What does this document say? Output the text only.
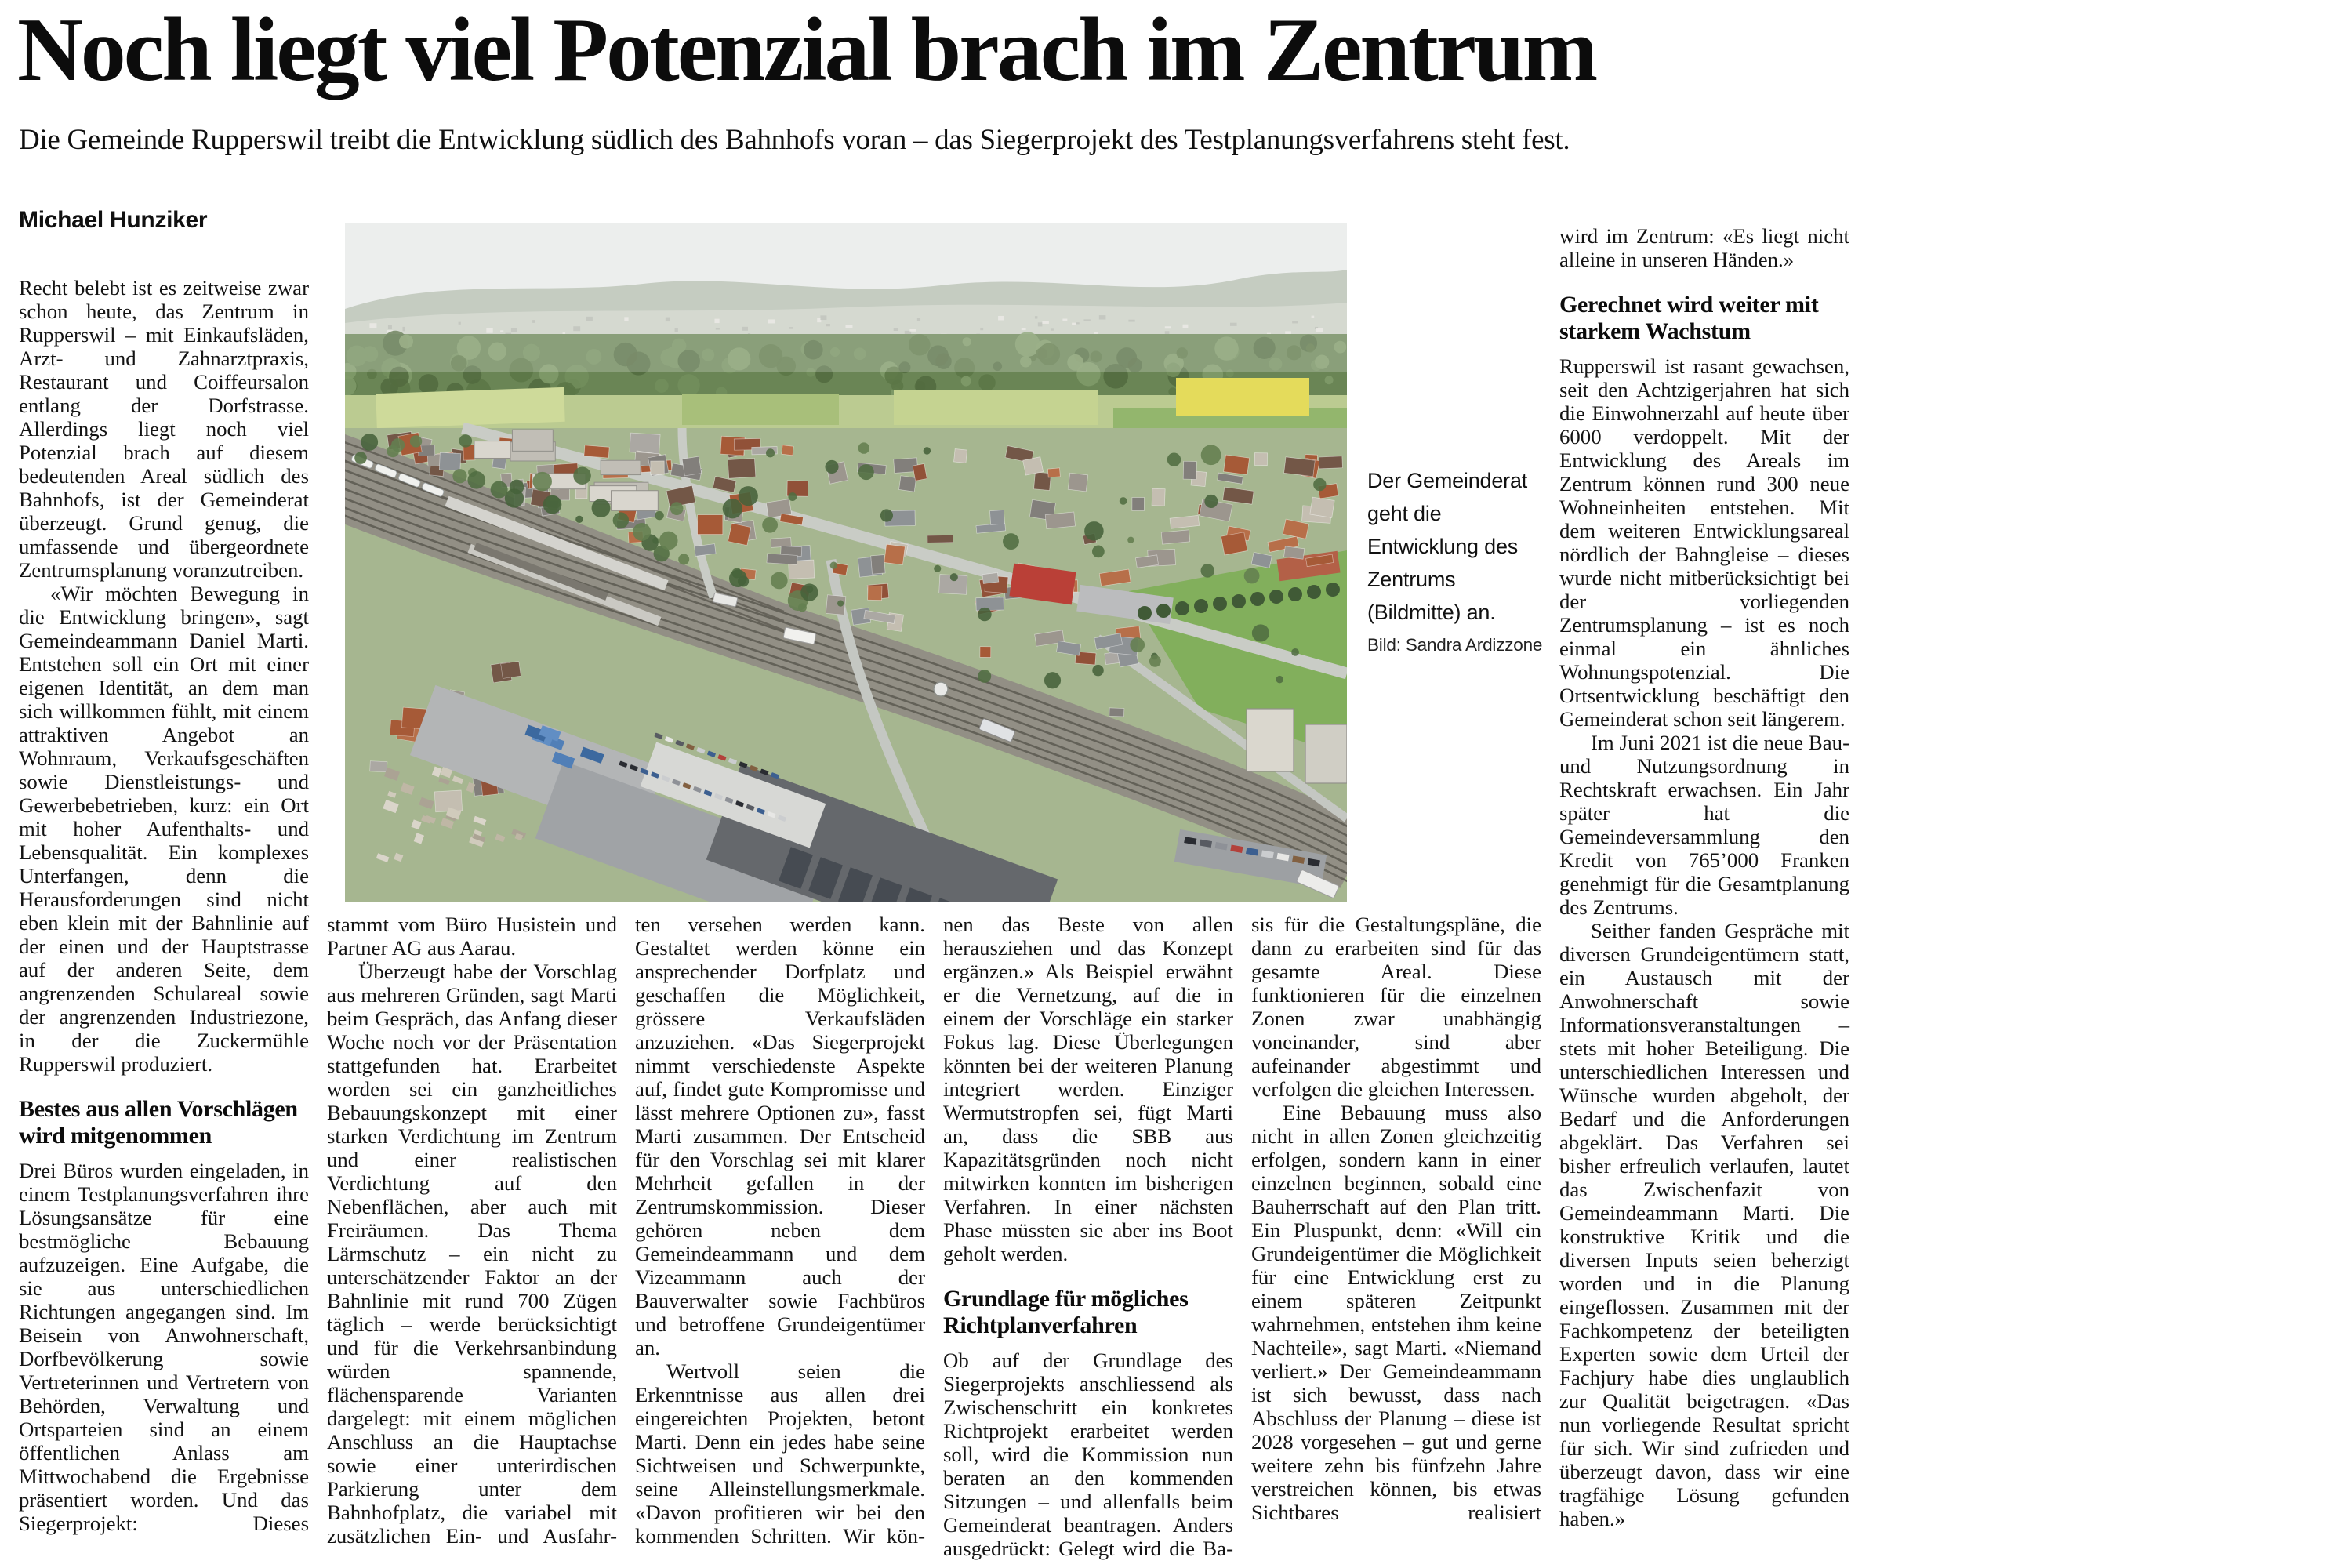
Noch liegt viel Potenzial brach im Zentrum

Die Gemeinde Rupperswil treibt die Entwicklung südlich des Bahnhofs voran – das Siegerprojekt des Testplanungsverfahrens steht fest.

Michael Hunziker

Der Gemeinderat geht die Entwicklung des Zentrums (Bildmitte) an.
Bild: Sandra Ardizzone

Recht belebt ist es zeitweise zwar schon heute, das Zentrum in Rupperswil – mit Einkaufsläden, Arzt- und Zahnarztpraxis, Restaurant und Coiffeursalon entlang der Dorfstrasse. Allerdings liegt noch viel Potenzial brach auf diesem bedeutenden Areal südlich des Bahnhofs, ist der Gemeinderat überzeugt. Grund genug, die umfassende und übergeordnete Zentrumsplanung voranzutreiben.

«Wir möchten Bewegung in die Entwicklung bringen», sagt Gemeindeammann Daniel Marti. Entstehen soll ein Ort mit einer eigenen Identität, an dem man sich willkommen fühlt, mit einem attraktiven Angebot an Wohnraum, Verkaufsgeschäften sowie Dienstleistungs- und Gewerbebetrieben, kurz: ein Ort mit hoher Aufenthalts- und Lebensqualität. Ein komplexes Unterfangen, denn die Herausforderungen sind nicht eben klein mit der Bahnlinie auf der einen und der Hauptstrasse auf der anderen Seite, dem angrenzenden Schulareal sowie der angrenzenden Industriezone, in der die Zuckermühle Rupperswil produziert.

Bestes aus allen Vorschlägen wird mitgenommen

Drei Büros wurden eingeladen, in einem Testplanungsverfahren ihre Lösungsansätze für eine bestmögliche Bebauung aufzuzeigen. Eine Aufgabe, die sie aus unterschiedlichen Richtungen angegangen sind. Im Beisein von Anwohnerschaft, Dorfbevölkerung sowie Vertreterinnen und Vertretern von Behörden, Verwaltung und Ortsparteien sind an einem öffentlichen Anlass am Mittwochabend die Ergebnisse präsentiert worden. Und das Siegerprojekt: Dieses

stammt vom Büro Husistein und Partner AG aus Aarau.

Überzeugt habe der Vorschlag aus mehreren Gründen, sagt Marti beim Gespräch, das Anfang dieser Woche noch vor der Präsentation stattgefunden hat. Erarbeitet worden sei ein ganzheitliches Bebauungskonzept mit einer starken Verdichtung im Zentrum und einer realistischen Verdichtung auf den Nebenflächen, aber auch mit Freiräumen. Das Thema Lärmschutz – ein nicht zu unterschätzender Faktor an der Bahnlinie mit rund 700 Zügen täglich – werde berücksichtigt und für die Verkehrsanbindung würden spannende, flächensparende Varianten dargelegt: mit einem möglichen Anschluss an die Hauptachse sowie einer unterirdischen Parkierung unter dem Bahnhofplatz, die variabel mit zusätzlichen Ein- und Ausfahr-

ten versehen werden kann. Gestaltet werden könne ein ansprechender Dorfplatz und geschaffen die Möglichkeit, grössere Verkaufsläden anzuziehen. «Das Siegerprojekt nimmt verschiedenste Aspekte auf, findet gute Kompromisse und lässt mehrere Optionen zu», fasst Marti zusammen. Der Entscheid für den Vorschlag sei mit klarer Mehrheit gefallen in der Zentrumskommission. Dieser gehören neben dem Gemeindeammann und dem Vizeammann auch der Bauverwalter sowie Fachbüros und betroffene Grundeigentümer an.

Wertvoll seien die Erkenntnisse aus allen drei eingereichten Projekten, betont Marti. Denn ein jedes habe seine Sichtweisen und Schwerpunkte, seine Alleinstellungsmerkmale. «Davon profitieren wir bei den kommenden Schritten. Wir kön-

nen das Beste von allen herausziehen und das Konzept ergänzen.» Als Beispiel erwähnt er die Vernetzung, auf die in einem der Vorschläge ein starker Fokus lag. Diese Überlegungen könnten bei der weiteren Planung integriert werden. Einziger Wermutstropfen sei, fügt Marti an, dass die SBB aus Kapazitätsgründen noch nicht mitwirken konnten im bisherigen Verfahren. In einer nächsten Phase müssten sie aber ins Boot geholt werden.

Grundlage für mögliches Richtplanverfahren

Ob auf der Grundlage des Siegerprojekts anschliessend als Zwischenschritt ein konkretes Richtprojekt erarbeitet werden soll, wird die Kommission nun beraten an den kommenden Sitzungen – und allenfalls beim Gemeinderat beantragen. Anders ausgedrückt: Gelegt wird die Ba-

sis für die Gestaltungspläne, die dann zu erarbeiten sind für das gesamte Areal. Diese funktionieren für die einzelnen Zonen zwar unabhängig voneinander, sind aber aufeinander abgestimmt und verfolgen die gleichen Interessen.

Eine Bebauung muss also nicht in allen Zonen gleichzeitig erfolgen, sondern kann in einer einzelnen beginnen, sobald eine Bauherrschaft auf den Plan tritt. Ein Pluspunkt, denn: «Will ein Grundeigentümer die Möglichkeit für eine Entwicklung erst zu einem späteren Zeitpunkt wahrnehmen, entstehen ihm keine Nachteile», sagt Marti. «Niemand verliert.» Der Gemeindeammann ist sich bewusst, dass nach Abschluss der Planung – diese ist 2028 vorgesehen – gut und gerne weitere zehn bis fünfzehn Jahre verstreichen können, bis etwas Sichtbares realisiert

wird im Zentrum: «Es liegt nicht alleine in unseren Händen.»

Gerechnet wird weiter mit starkem Wachstum

Rupperswil ist rasant gewachsen, seit den Achtzigerjahren hat sich die Einwohnerzahl auf heute über 6000 verdoppelt. Mit der Entwicklung des Areals im Zentrum können rund 300 neue Wohneinheiten entstehen. Mit dem weiteren Entwicklungsareal nördlich der Bahngleise – dieses wurde nicht mitberücksichtigt bei der vorliegenden Zentrumsplanung – ist es noch einmal ein ähnliches Wohnungspotenzial. Die Ortsentwicklung beschäftigt den Gemeinderat schon seit längerem.

Im Juni 2021 ist die neue Bau- und Nutzungsordnung in Rechtskraft erwachsen. Ein Jahr später hat die Gemeindeversammlung den Kredit von 765’000 Franken genehmigt für die Gesamtplanung des Zentrums.

Seither fanden Gespräche mit diversen Grundeigentümern statt, ein Austausch mit der Anwohnerschaft sowie Informationsveranstaltungen – stets mit hoher Beteiligung. Die unterschiedlichen Interessen und Wünsche wurden abgeholt, der Bedarf und die Anforderungen abgeklärt. Das Verfahren sei bisher erfreulich verlaufen, lautet das Zwischenfazit von Gemeindeammann Marti. Die konstruktive Kritik und die diversen Inputs seien beherzigt worden und in die Planung eingeflossen. Zusammen mit der Fachkompetenz der beteiligten Experten sowie dem Urteil der Fachjury habe dies unglaublich zur Qualität beigetragen. «Das nun vorliegende Resultat spricht für sich. Wir sind zufrieden und überzeugt davon, dass wir eine tragfähige Lösung gefunden haben.»
